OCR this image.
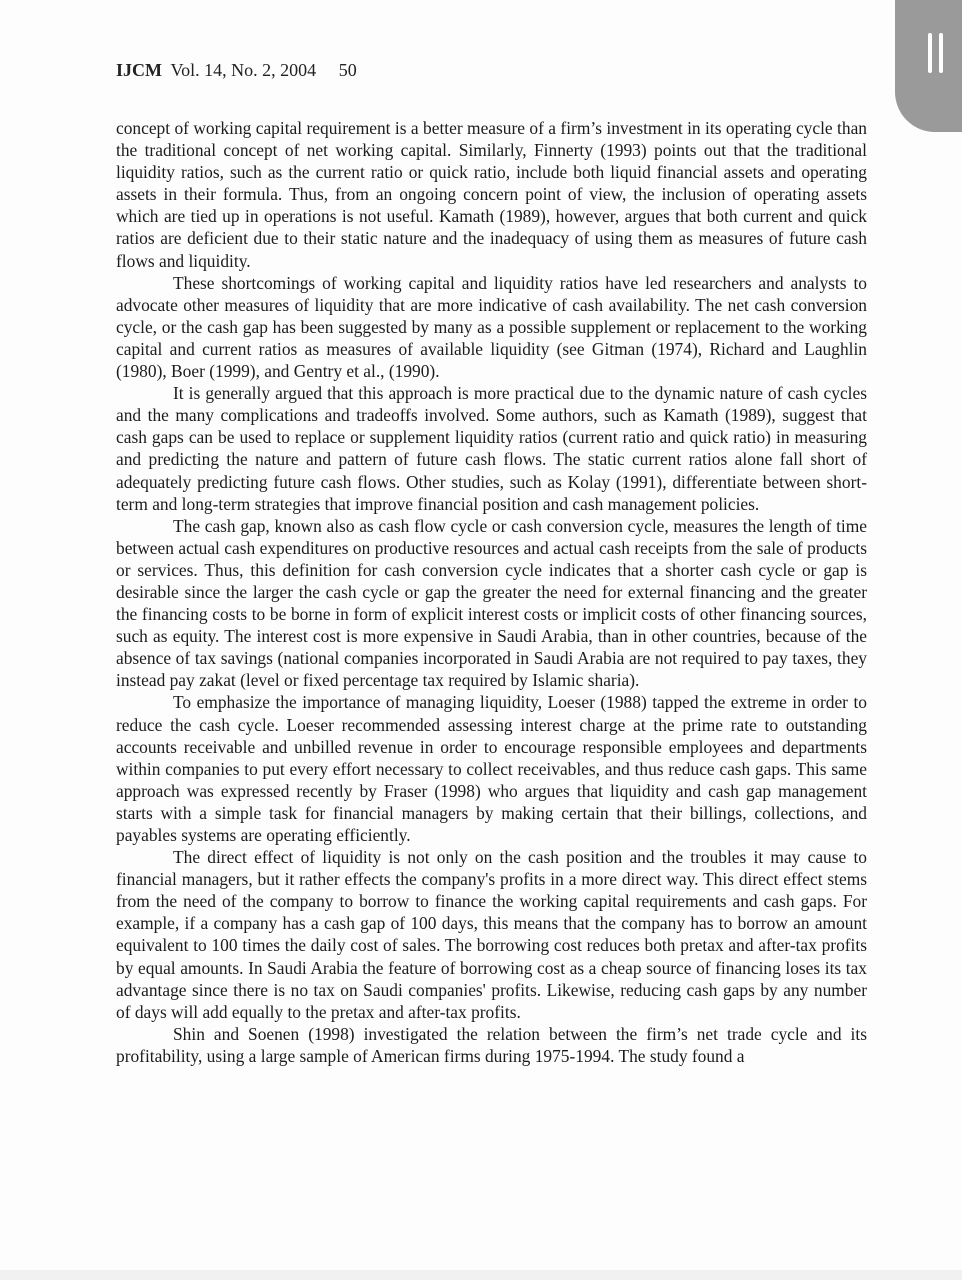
IJCM Vol. 14, No. 2, 2004 50

concept of working capital requirement is a better measure of a firm’s investment in its operating cycle than the traditional concept of net working capital. Similarly, Finnerty (1993) points out that the traditional liquidity ratios, such as the current ratio or quick ratio, include both liquid financial assets and operating assets in their formula. Thus, from an ongoing concern point of view, the inclusion of operating assets which are tied up in operations is not useful. Kamath (1989), however, argues that both current and quick ratios are deficient due to their static nature and the inadequacy of using them as measures of future cash flows and liquidity.

These shortcomings of working capital and liquidity ratios have led researchers and analysts to advocate other measures of liquidity that are more indicative of cash availability. The net cash conversion cycle, or the cash gap has been suggested by many as a possible supplement or replacement to the working capital and current ratios as measures of available liquidity (see Gitman (1974), Richard and Laughlin (1980), Boer (1999), and Gentry et al., (1990).

It is generally argued that this approach is more practical due to the dynamic nature of cash cycles and the many complications and tradeoffs involved. Some authors, such as Kamath (1989), suggest that cash gaps can be used to replace or supplement liquidity ratios (current ratio and quick ratio) in measuring and predicting the nature and pattern of future cash flows. The static current ratios alone fall short of adequately predicting future cash flows. Other studies, such as Kolay (1991), differentiate between short-term and long-term strategies that improve financial position and cash management policies.

The cash gap, known also as cash flow cycle or cash conversion cycle, measures the length of time between actual cash expenditures on productive resources and actual cash receipts from the sale of products or services. Thus, this definition for cash conversion cycle indicates that a shorter cash cycle or gap is desirable since the larger the cash cycle or gap the greater the need for external financing and the greater the financing costs to be borne in form of explicit interest costs or implicit costs of other financing sources, such as equity. The interest cost is more expensive in Saudi Arabia, than in other countries, because of the absence of tax savings (national companies incorporated in Saudi Arabia are not required to pay taxes, they instead pay zakat (level or fixed percentage tax required by Islamic sharia).

To emphasize the importance of managing liquidity, Loeser (1988) tapped the extreme in order to reduce the cash cycle. Loeser recommended assessing interest charge at the prime rate to outstanding accounts receivable and unbilled revenue in order to encourage responsible employees and departments within companies to put every effort necessary to collect receivables, and thus reduce cash gaps. This same approach was expressed recently by Fraser (1998) who argues that liquidity and cash gap management starts with a simple task for financial managers by making certain that their billings, collections, and payables systems are operating efficiently.

The direct effect of liquidity is not only on the cash position and the troubles it may cause to financial managers, but it rather effects the company's profits in a more direct way. This direct effect stems from the need of the company to borrow to finance the working capital requirements and cash gaps. For example, if a company has a cash gap of 100 days, this means that the company has to borrow an amount equivalent to 100 times the daily cost of sales. The borrowing cost reduces both pretax and after-tax profits by equal amounts. In Saudi Arabia the feature of borrowing cost as a cheap source of financing loses its tax advantage since there is no tax on Saudi companies' profits. Likewise, reducing cash gaps by any number of days will add equally to the pretax and after-tax profits.

Shin and Soenen (1998) investigated the relation between the firm’s net trade cycle and its profitability, using a large sample of American firms during 1975-1994. The study found a
